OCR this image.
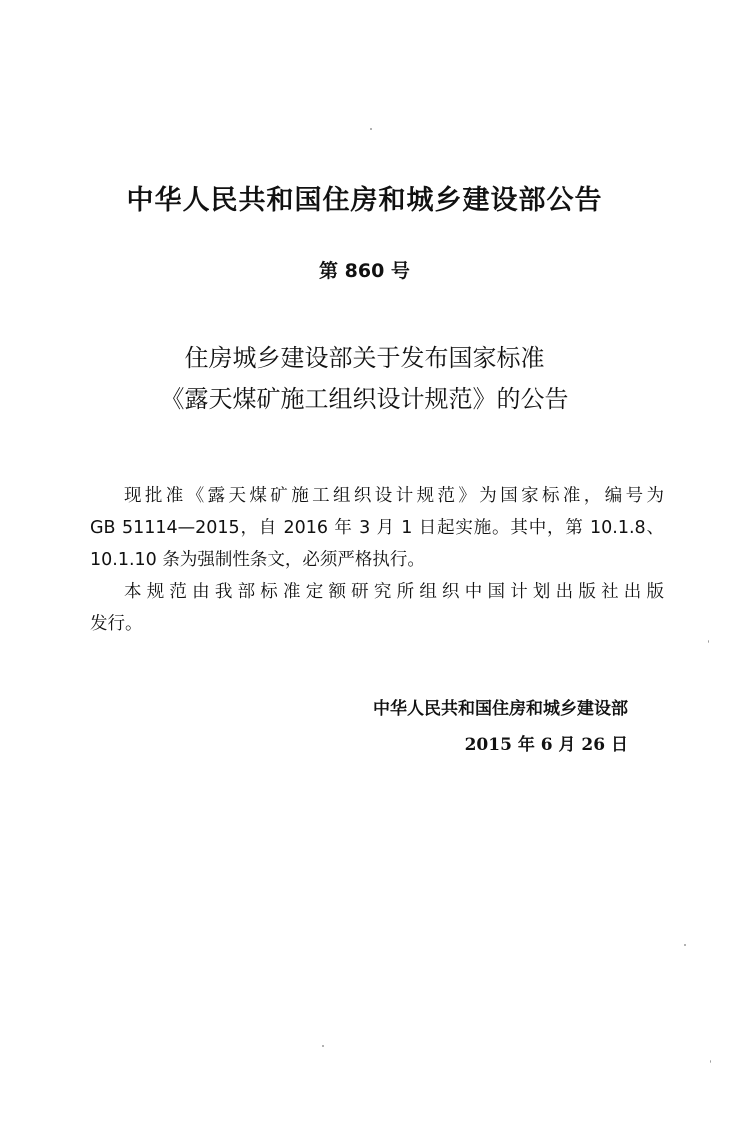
中华人民共和国住房和城乡建设部公告

第 860 号

住房城乡建设部关于发布国家标准

《露天煤矿施工组织设计规范》的公告

现批准《露天煤矿施工组织设计规范》为国家标准，编号为

GB 51114—2015，自 2016 年 3 月 1 日起实施。其中，第 10.1.8、

10.1.10 条为强制性条文，必须严格执行。

本规范由我部标准定额研究所组织中国计划出版社出版

发行。

中华人民共和国住房和城乡建设部

2015 年 6 月 26 日
